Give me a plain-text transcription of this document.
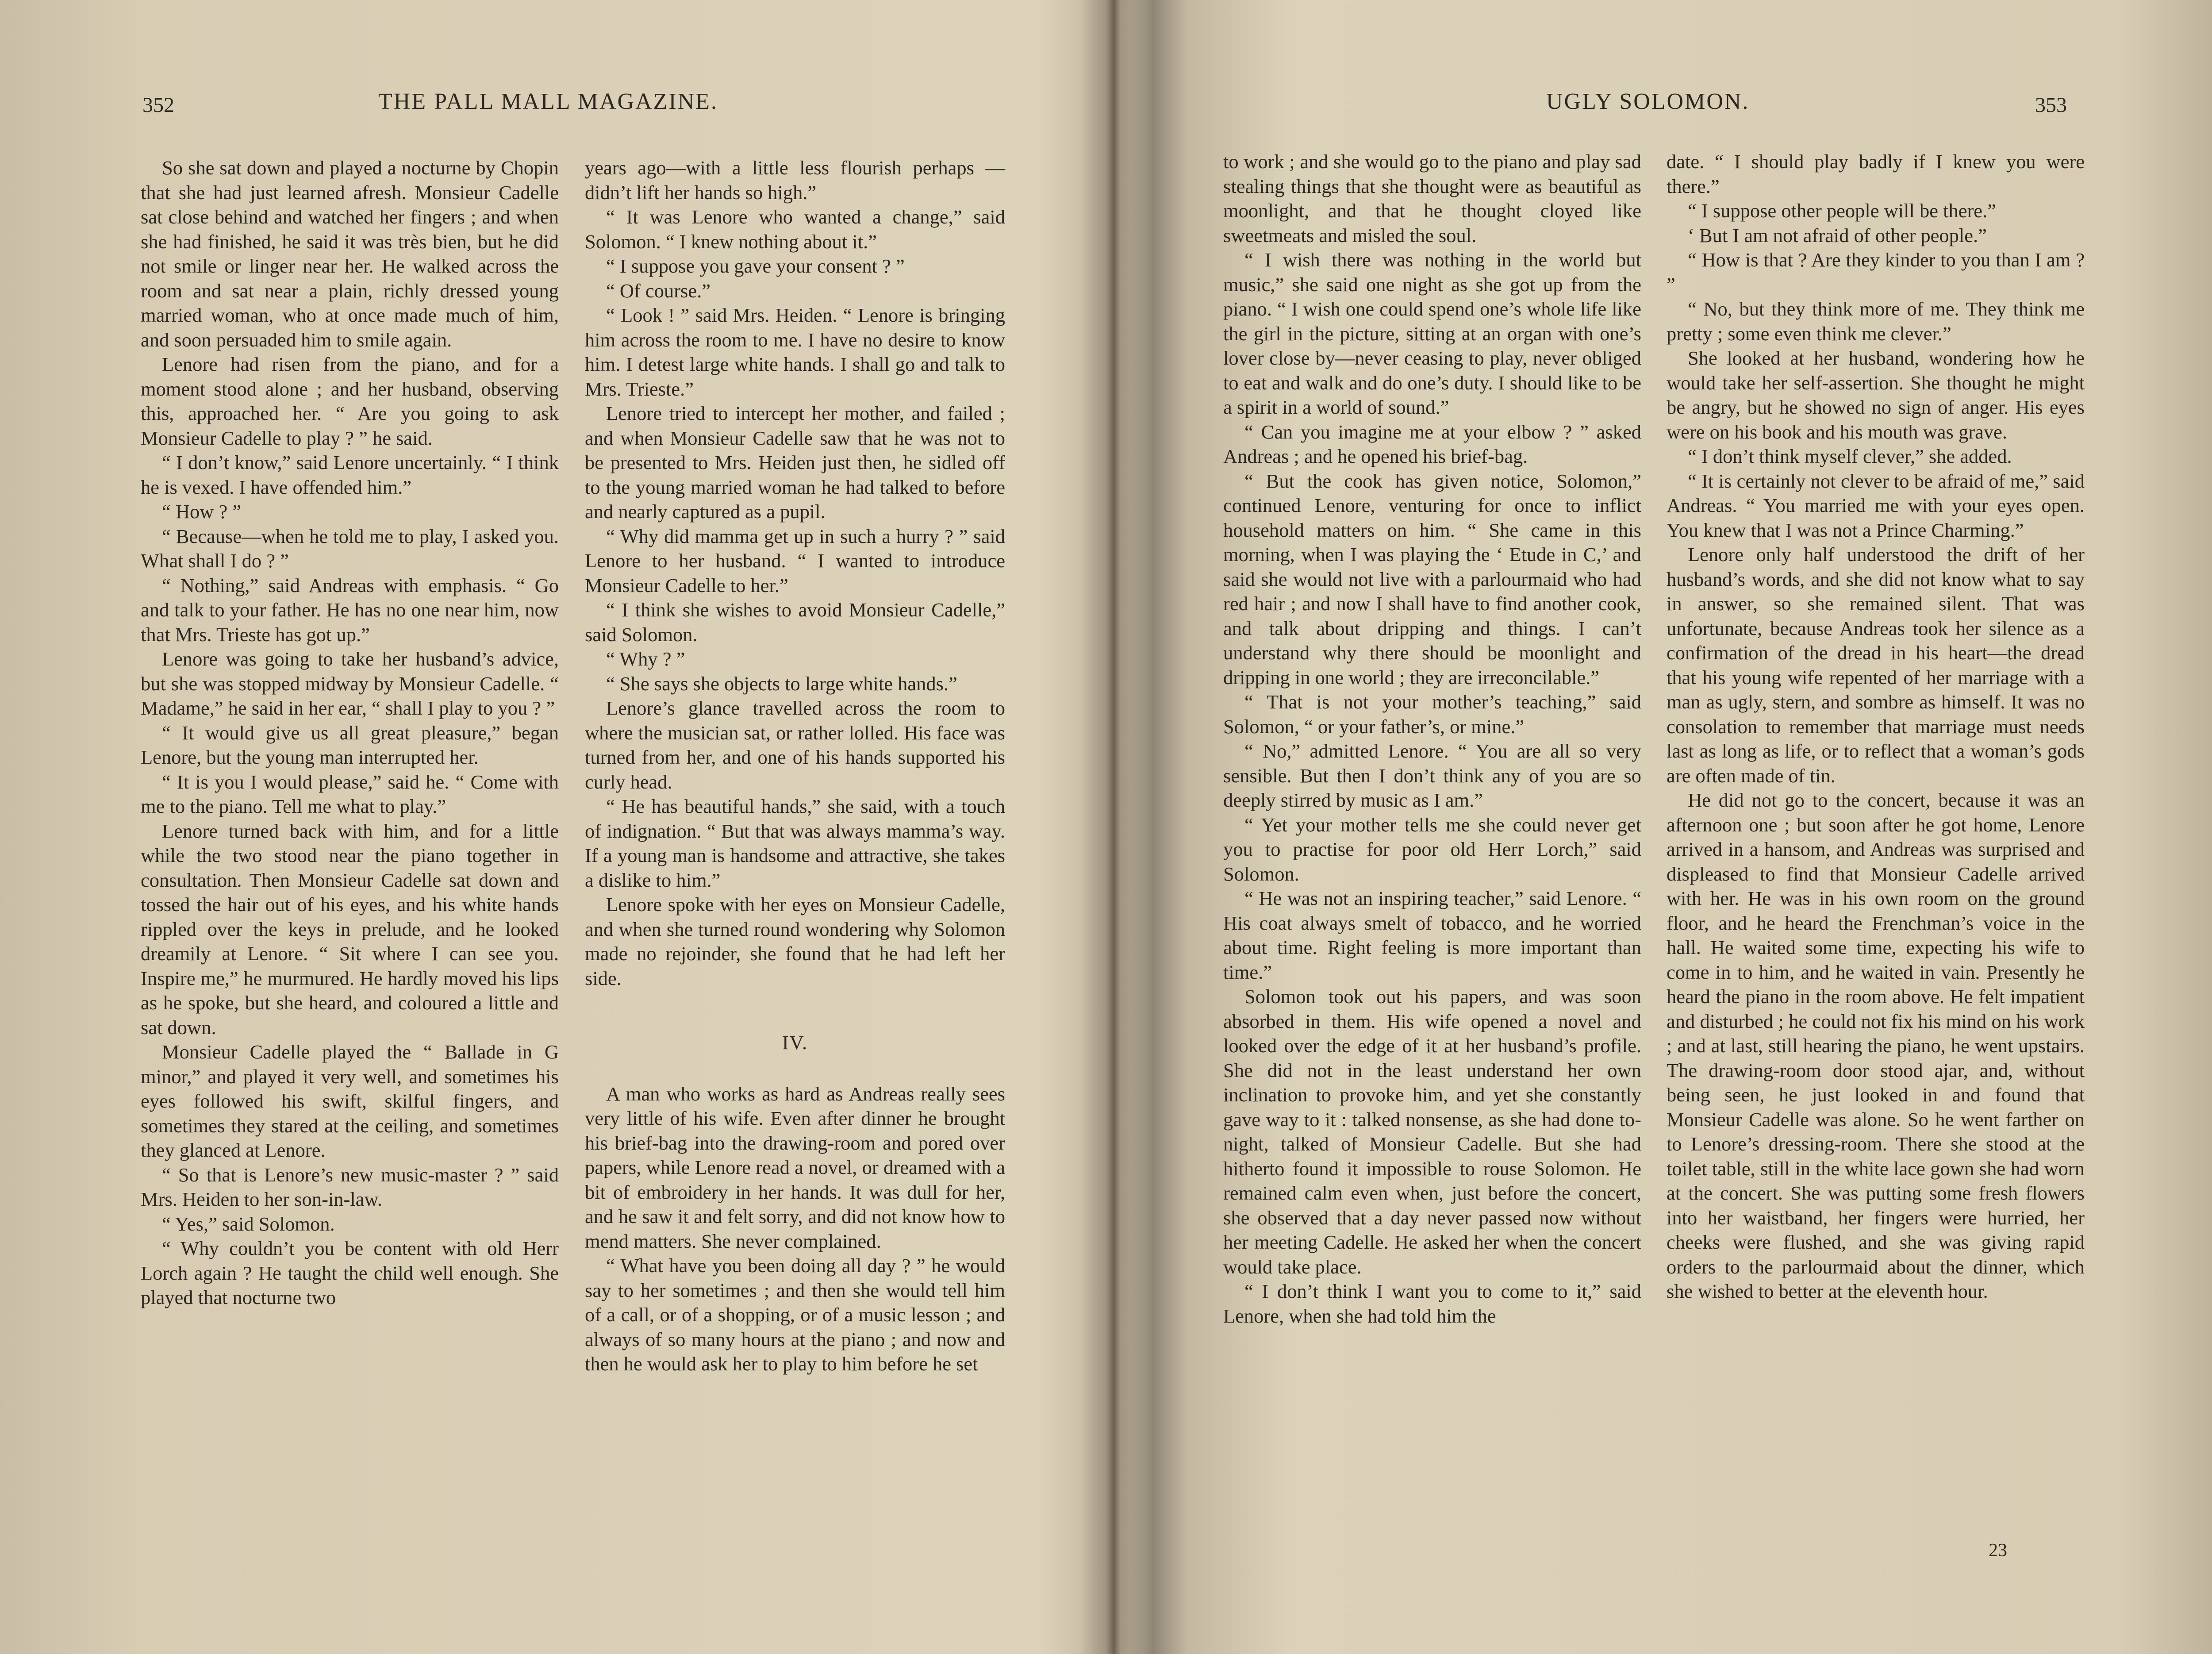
352	THE PALL MALL MAGAZINE.

So she sat down and played a nocturne by Chopin that she had just learned afresh. Monsieur Cadelle sat close behind and watched her fingers ; and when she had finished, he said it was très bien, but he did not smile or linger near her. He walked across the room and sat near a plain, richly dressed young married woman, who at once made much of him, and soon persuaded him to smile again.

Lenore had risen from the piano, and for a moment stood alone ; and her husband, observing this, approached her. “ Are you going to ask Monsieur Cadelle to play ? ” he said.

“ I don’t know,” said Lenore uncertainly. “ I think he is vexed. I have offended him.”

“ How ? ”

“ Because—when he told me to play, I asked you. What shall I do ? ”

“ Nothing,” said Andreas with emphasis. “ Go and talk to your father. He has no one near him, now that Mrs. Trieste has got up.”

Lenore was going to take her husband’s advice, but she was stopped midway by Monsieur Cadelle. “ Madame,” he said in her ear, “ shall I play to you ? ”

“ It would give us all great pleasure,” began Lenore, but the young man interrupted her.

“ It is you I would please,” said he. “ Come with me to the piano. Tell me what to play.”

Lenore turned back with him, and for a little while the two stood near the piano together in consultation. Then Monsieur Cadelle sat down and tossed the hair out of his eyes, and his white hands rippled over the keys in prelude, and he looked dreamily at Lenore. “ Sit where I can see you. Inspire me,” he murmured. He hardly moved his lips as he spoke, but she heard, and coloured a little and sat down.

Monsieur Cadelle played the “ Ballade in G minor,” and played it very well, and sometimes his eyes followed his swift, skilful fingers, and sometimes they stared at the ceiling, and sometimes they glanced at Lenore.

“ So that is Lenore’s new music-master ? ” said Mrs. Heiden to her son-in-law.

“ Yes,” said Solomon.

“ Why couldn’t you be content with old Herr Lorch again ? He taught the child well enough. She played that nocturne two

years ago—with a little less flourish perhaps —didn’t lift her hands so high.”

“ It was Lenore who wanted a change,” said Solomon. “ I knew nothing about it.”

“ I suppose you gave your consent ? ”

“ Of course.”

“ Look ! ” said Mrs. Heiden. “ Lenore is bringing him across the room to me. I have no desire to know him. I detest large white hands. I shall go and talk to Mrs. Trieste.”

Lenore tried to intercept her mother, and failed ; and when Monsieur Cadelle saw that he was not to be presented to Mrs. Heiden just then, he sidled off to the young married woman he had talked to before and nearly captured as a pupil.

“ Why did mamma get up in such a hurry ? ” said Lenore to her husband. “ I wanted to introduce Monsieur Cadelle to her.”

“ I think she wishes to avoid Monsieur Cadelle,” said Solomon.

“ Why ? ”

“ She says she objects to large white hands.”

Lenore’s glance travelled across the room to where the musician sat, or rather lolled. His face was turned from her, and one of his hands supported his curly head.

“ He has beautiful hands,” she said, with a touch of indignation. “ But that was always mamma’s way. If a young man is handsome and attractive, she takes a dislike to him.”

Lenore spoke with her eyes on Monsieur Cadelle, and when she turned round wondering why Solomon made no rejoinder, she found that he had left her side.

IV.

A man who works as hard as Andreas really sees very little of his wife. Even after dinner he brought his brief-bag into the drawing-room and pored over papers, while Lenore read a novel, or dreamed with a bit of embroidery in her hands. It was dull for her, and he saw it and felt sorry, and did not know how to mend matters. She never complained.

“ What have you been doing all day ? ” he would say to her sometimes ; and then she would tell him of a call, or of a shopping, or of a music lesson ; and always of so many hours at the piano ; and now and then he would ask her to play to him before he set

UGLY SOLOMON.	353

to work ; and she would go to the piano and play sad stealing things that she thought were as beautiful as moonlight, and that he thought cloyed like sweetmeats and misled the soul.

“ I wish there was nothing in the world but music,” she said one night as she got up from the piano. “ I wish one could spend one’s whole life like the girl in the picture, sitting at an organ with one’s lover close by—never ceasing to play, never obliged to eat and walk and do one’s duty. I should like to be a spirit in a world of sound.”

“ Can you imagine me at your elbow ? ” asked Andreas ; and he opened his brief-bag.

“ But the cook has given notice, Solomon,” continued Lenore, venturing for once to inflict household matters on him. “ She came in this morning, when I was playing the ‘ Etude in C,’ and said she would not live with a parlourmaid who had red hair ; and now I shall have to find another cook, and talk about dripping and things. I can’t understand why there should be moonlight and dripping in one world ; they are irreconcilable.”

“ That is not your mother’s teaching,” said Solomon, “ or your father’s, or mine.”

“ No,” admitted Lenore. “ You are all so very sensible. But then I don’t think any of you are so deeply stirred by music as I am.”

“ Yet your mother tells me she could never get you to practise for poor old Herr Lorch,” said Solomon.

“ He was not an inspiring teacher,” said Lenore. “ His coat always smelt of tobacco, and he worried about time. Right feeling is more important than time.”

Solomon took out his papers, and was soon absorbed in them. His wife opened a novel and looked over the edge of it at her husband’s profile. She did not in the least understand her own inclination to provoke him, and yet she constantly gave way to it : talked nonsense, as she had done to-night, talked of Monsieur Cadelle. But she had hitherto found it impossible to rouse Solomon. He remained calm even when, just before the concert, she observed that a day never passed now without her meeting Cadelle. He asked her when the concert would take place.

“ I don’t think I want you to come to it,” said Lenore, when she had told him the

date. “ I should play badly if I knew you were there.”

“ I suppose other people will be there.”

‘ But I am not afraid of other people.”

“ How is that ? Are they kinder to you than I am ? ”

“ No, but they think more of me. They think me pretty ; some even think me clever.”

She looked at her husband, wondering how he would take her self-assertion. She thought he might be angry, but he showed no sign of anger. His eyes were on his book and his mouth was grave.

“ I don’t think myself clever,” she added.

“ It is certainly not clever to be afraid of me,” said Andreas. “ You married me with your eyes open. You knew that I was not a Prince Charming.”

Lenore only half understood the drift of her husband’s words, and she did not know what to say in answer, so she remained silent. That was unfortunate, because Andreas took her silence as a confirmation of the dread in his heart—the dread that his young wife repented of her marriage with a man as ugly, stern, and sombre as himself. It was no consolation to remember that marriage must needs last as long as life, or to reflect that a woman’s gods are often made of tin.

He did not go to the concert, because it was an afternoon one ; but soon after he got home, Lenore arrived in a hansom, and Andreas was surprised and displeased to find that Monsieur Cadelle arrived with her. He was in his own room on the ground floor, and he heard the Frenchman’s voice in the hall. He waited some time, expecting his wife to come in to him, and he waited in vain. Presently he heard the piano in the room above. He felt impatient and disturbed ; he could not fix his mind on his work ; and at last, still hearing the piano, he went upstairs. The drawing-room door stood ajar, and, without being seen, he just looked in and found that Monsieur Cadelle was alone. So he went farther on to Lenore’s dressing-room. There she stood at the toilet table, still in the white lace gown she had worn at the concert. She was putting some fresh flowers into her waistband, her fingers were hurried, her cheeks were flushed, and she was giving rapid orders to the parlourmaid about the dinner, which she wished to better at the eleventh hour.

23
